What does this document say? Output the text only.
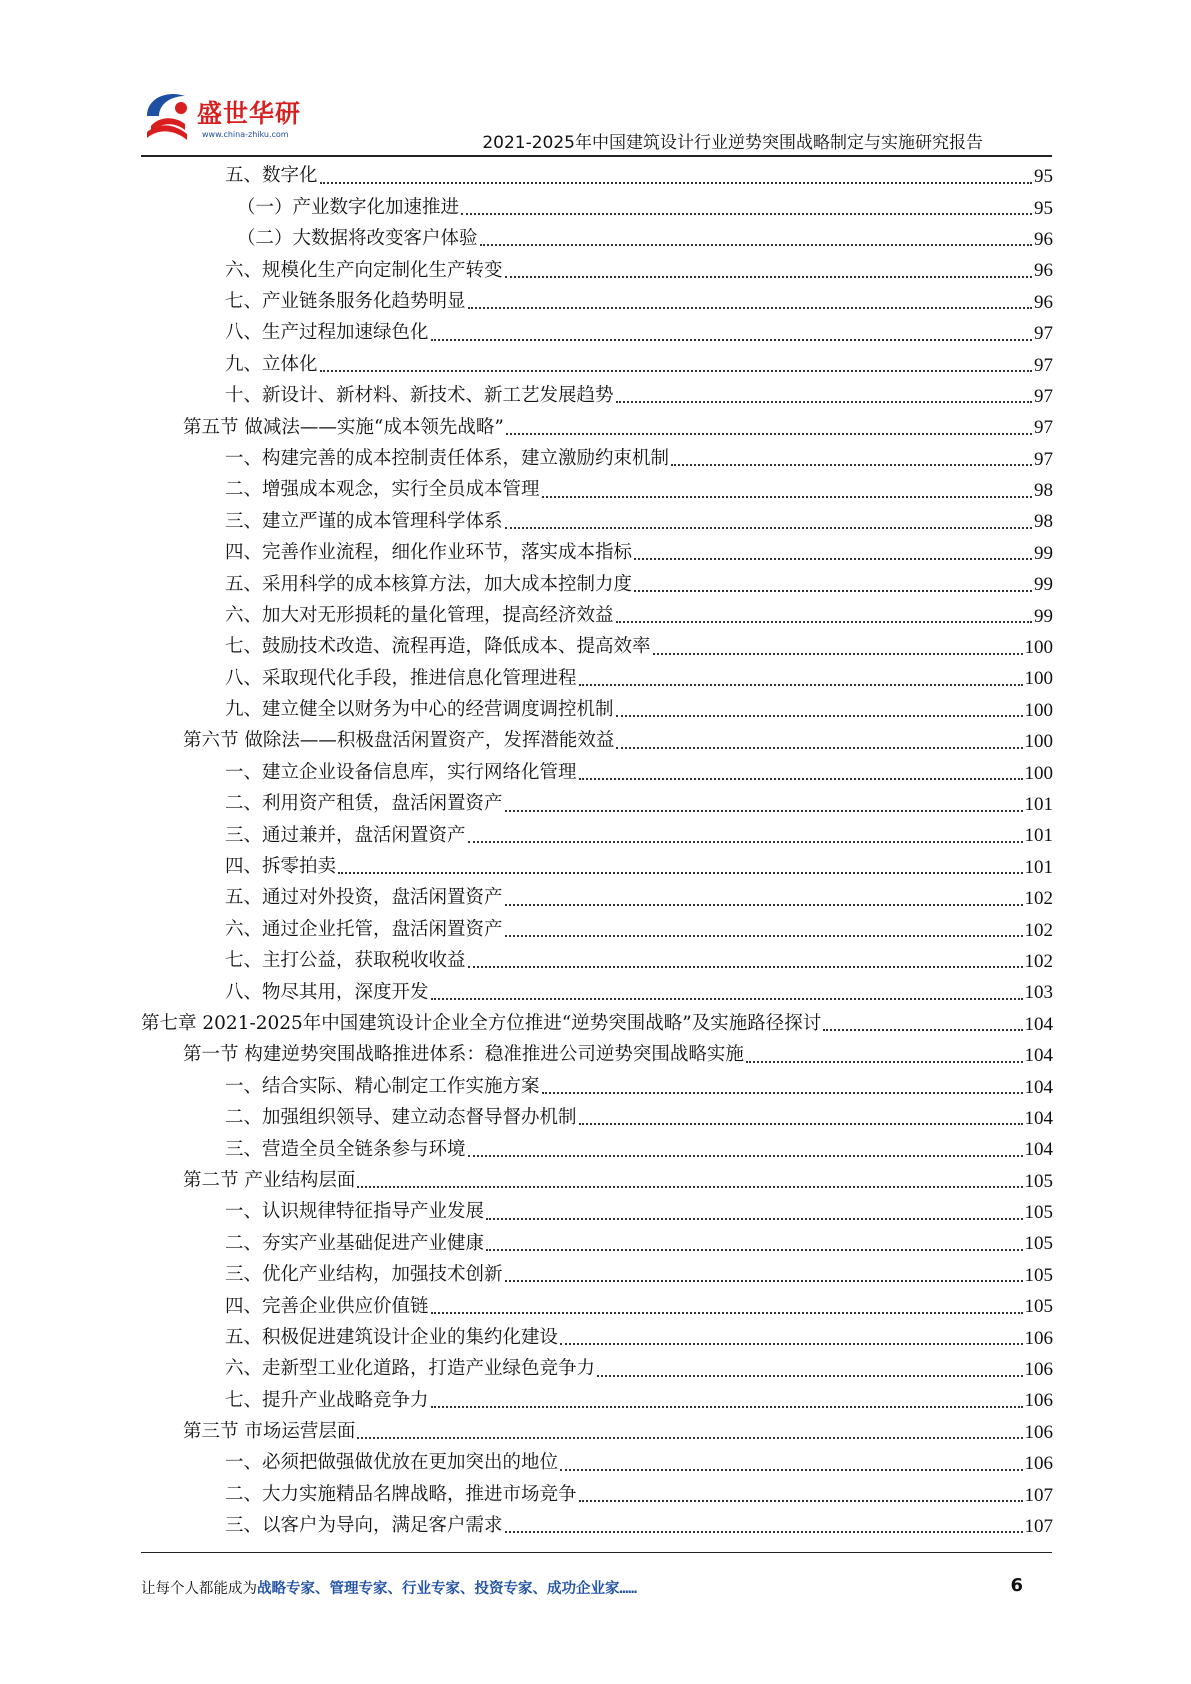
盛世华研
www.china-zhiku.com	2021-2025年中国建筑设计行业逆势突围战略制定与实施研究报告
五、数字化	95
（一）产业数字化加速推进	95
（二）大数据将改变客户体验	96
六、规模化生产向定制化生产转变	96
七、产业链条服务化趋势明显	96
八、生产过程加速绿色化	97
九、立体化	97
十、新设计、新材料、新技术、新工艺发展趋势	97
第五节 做减法——实施“成本领先战略”	97
一、构建完善的成本控制责任体系，建立激励约束机制	97
二、增强成本观念，实行全员成本管理	98
三、建立严谨的成本管理科学体系	98
四、完善作业流程，细化作业环节，落实成本指标	99
五、采用科学的成本核算方法，加大成本控制力度	99
六、加大对无形损耗的量化管理，提高经济效益	99
七、鼓励技术改造、流程再造，降低成本、提高效率	100
八、采取现代化手段，推进信息化管理进程	100
九、建立健全以财务为中心的经营调度调控机制	100
第六节 做除法——积极盘活闲置资产，发挥潜能效益	100
一、建立企业设备信息库，实行网络化管理	100
二、利用资产租赁，盘活闲置资产	101
三、通过兼并，盘活闲置资产	101
四、拆零拍卖	101
五、通过对外投资，盘活闲置资产	102
六、通过企业托管，盘活闲置资产	102
七、主打公益，获取税收收益	102
八、物尽其用，深度开发	103
第七章 2021-2025年中国建筑设计企业全方位推进“逆势突围战略”及实施路径探讨	104
第一节 构建逆势突围战略推进体系：稳准推进公司逆势突围战略实施	104
一、结合实际、精心制定工作实施方案	104
二、加强组织领导、建立动态督导督办机制	104
三、营造全员全链条参与环境	104
第二节 产业结构层面	105
一、认识规律特征指导产业发展	105
二、夯实产业基础促进产业健康	105
三、优化产业结构，加强技术创新	105
四、完善企业供应价值链	105
五、积极促进建筑设计企业的集约化建设	106
六、走新型工业化道路，打造产业绿色竞争力	106
七、提升产业战略竞争力	106
第三节 市场运营层面	106
一、必须把做强做优放在更加突出的地位	106
二、大力实施精品名牌战略，推进市场竞争	107
三、以客户为导向，满足客户需求	107
让每个人都能成为战略专家、管理专家、行业专家、投资专家、成功企业家……	6
